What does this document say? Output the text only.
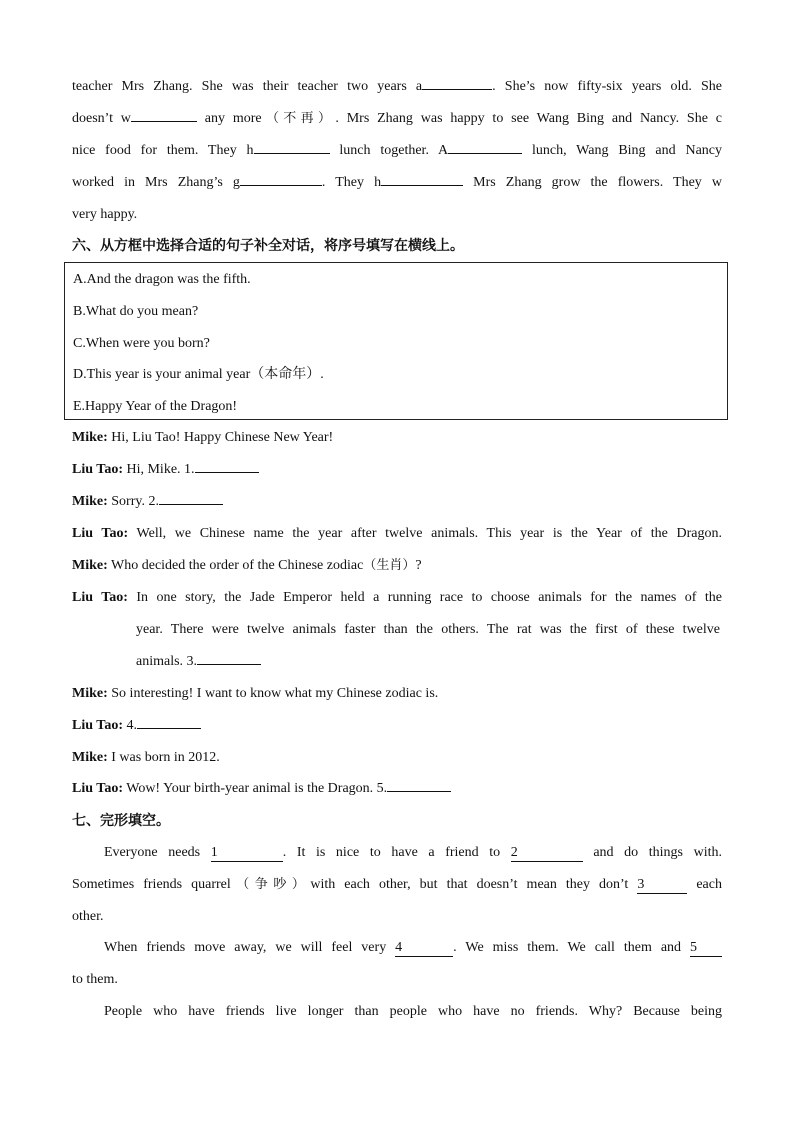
teacher Mrs Zhang. She was their teacher two years a	. She’s now fifty-six years old. She
doesn’t w	any more（不再）. Mrs Zhang was happy to see Wang Bing and Nancy. She c
nice food for them. They h	lunch together. A	lunch, Wang Bing and Nancy
worked in Mrs Zhang’s g	. They h	Mrs Zhang grow the flowers. They w
very happy.
六、从方框中选择合适的句子补全对话，将序号填写在横线上。
A.And the dragon was the fifth.
B.What do you mean?
C.When were you born?
D.This year is your animal year（本命年）.
E.Happy Year of the Dragon!
Mike: Hi, Liu Tao! Happy Chinese New Year!
Liu Tao: Hi, Mike. 1.
Mike: Sorry. 2.
Liu Tao: Well, we Chinese name the year after twelve animals. This year is the Year of the Dragon.
Mike: Who decided the order of the Chinese zodiac（生肖）?
Liu Tao: In one story, the Jade Emperor held a running race to choose animals for the names of the
year. There were twelve animals faster than the others. The rat was the first of these twelve
animals. 3.
Mike: So interesting! I want to know what my Chinese zodiac is.
Liu Tao: 4.
Mike: I was born in 2012.
Liu Tao: Wow! Your birth-year animal is the Dragon. 5.
七、完形填空。
Everyone needs 1	. It is nice to have a friend to 2	and do things with.
Sometimes friends quarrel（争吵）with each other, but that doesn’t mean they don’t 3	each
other.
When friends move away, we will feel very 4	. We miss them. We call them and 5
to them.
People who have friends live longer than people who have no friends. Why? Because being
